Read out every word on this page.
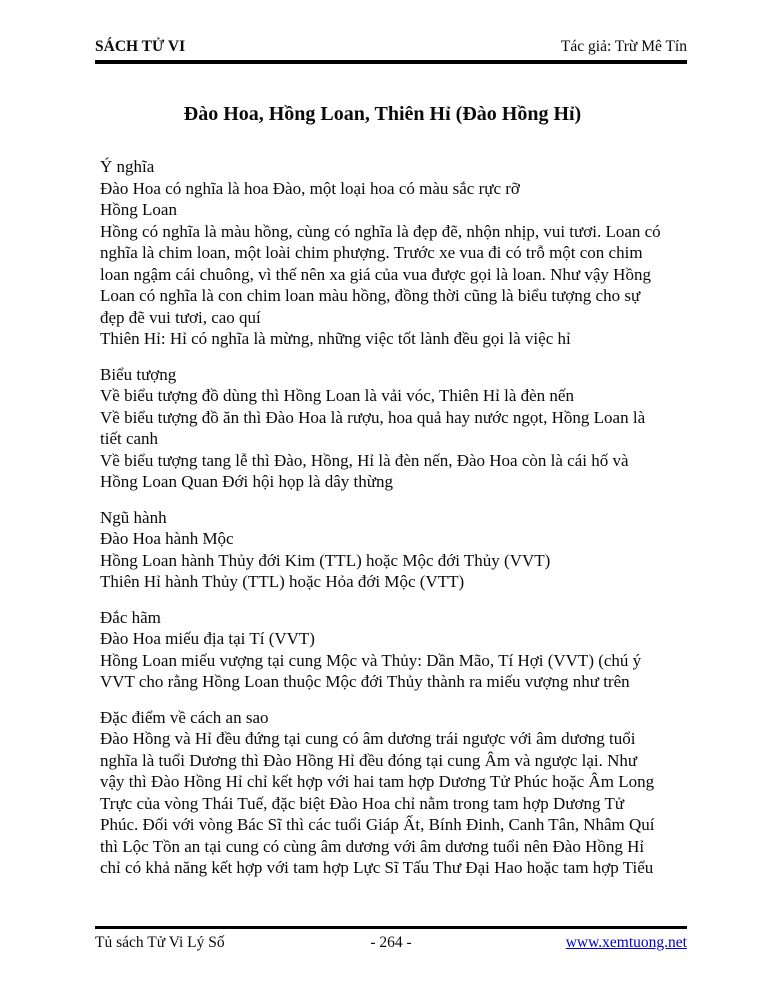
SÁCH TỬ VI	Tác giả: Trừ Mê Tín
Đào Hoa, Hồng Loan, Thiên Hỉ (Đào Hồng Hỉ)
Ý nghĩa
Đào Hoa có nghĩa là hoa Đào, một loại hoa có màu sắc rực rỡ
Hồng Loan
Hồng có nghĩa là màu hồng, cùng có nghĩa là đẹp đẽ, nhộn nhịp, vui tươi. Loan có
nghĩa là chim loan, một loài chim phượng. Trước xe vua đi có trỗ một con chim
loan ngậm cái chuông, vì thế nên xa giá của vua được gọi là loan. Như vậy Hồng
Loan có nghĩa là con chim loan màu hồng, đồng thời cũng là biểu tượng cho sự
đẹp đẽ vui tươi, cao quí
Thiên Hỉ: Hỉ có nghĩa là mừng, những việc tốt lành đều gọi là việc hỉ
Biểu tượng
Về biểu tượng đồ dùng thì Hồng Loan là vải vóc, Thiên Hỉ là đèn nến
Về biểu tượng đồ ăn thì Đào Hoa là rượu, hoa quả hay nước ngọt, Hồng Loan là
tiết canh
Về biểu tượng tang lễ thì Đào, Hồng, Hỉ là đèn nến, Đào Hoa còn là cái hố và
Hồng Loan Quan Đới hội họp là dây thừng
Ngũ hành
Đào Hoa hành Mộc
Hồng Loan hành Thủy đới Kim (TTL) hoặc Mộc đới Thủy (VVT)
Thiên Hỉ hành Thủy (TTL) hoặc Hỏa đới Mộc (VTT)
Đắc hãm
Đào Hoa miếu địa tại Tí (VVT)
Hồng Loan miếu vượng tại cung Mộc và Thủy: Dần Mão, Tí Hợi (VVT) (chú ý
VVT cho rằng Hồng Loan thuộc Mộc đới Thủy thành ra miếu vượng như trên
Đặc điểm về cách an sao
Đào Hồng và Hỉ đều đứng tại cung có âm dương trái ngược với âm dương tuổi
nghĩa là tuổi Dương thì Đào Hồng Hỉ đều đóng tại cung Âm và ngược lại. Như
vậy thì Đào Hồng Hỉ chỉ kết hợp với hai tam hợp Dương Tử Phúc hoặc Âm Long
Trực của vòng Thái Tuế, đặc biệt Đào Hoa chỉ nằm trong tam hợp Dương Tử
Phúc. Đối với vòng Bác Sĩ thì các tuổi Giáp Ất, Bính Đinh, Canh Tân, Nhâm Quí
thì Lộc Tồn an tại cung có cùng âm dương với âm dương tuổi nên Đào Hồng Hỉ
chỉ có khả năng kết hợp với tam hợp Lực Sĩ Tấu Thư Đại Hao hoặc tam hợp Tiểu
Tủ sách Tử Vi Lý Số	- 264 -	www.xemtuong.net
